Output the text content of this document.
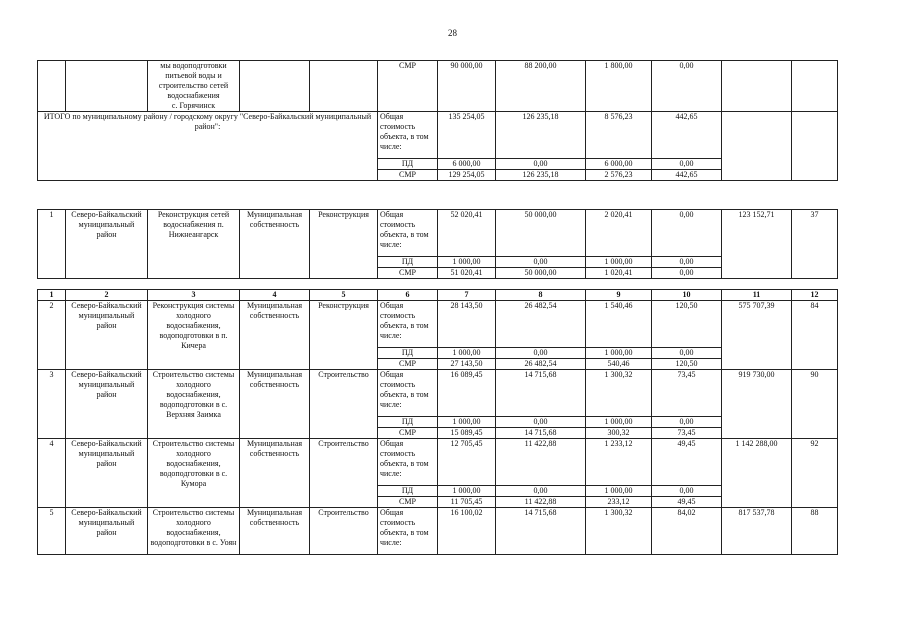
28

		мы водоподготовки
питьевой воды и
строительство сетей
водоснабжения
с. Горячинск			СМР	90 000,00	88 200,00	1 800,00	0,00		
ИТОГО по муниципальному району / городскому округу "Северо-Байкальский муниципальный район":					Общая стоимость объекта, в том числе:	135 254,05	126 235,18	8 576,23	442,65		
					ПД	6 000,00	0,00	6 000,00	0,00		
					СМР	129 254,05	126 235,18	2 576,23	442,65		

1	Северо-Байкальский муниципальный район	Реконструкция сетей водоснабжения п. Нижнеангарск	Муниципальная собственность	Реконструкция	Общая стоимость объекта, в том числе:	52 020,41	50 000,00	2 020,41	0,00	123 152,71	37
					ПД	1 000,00	0,00	1 000,00	0,00		
					СМР	51 020,41	50 000,00	1 020,41	0,00		

1	2	3	4	5	6	7	8	9	10	11	12
2	Северо-Байкальский муниципальный район	Реконструкция системы холодного водоснабжения, водоподготовки в п. Кичера	Муниципальная собственность	Реконструкция	Общая стоимость объекта, в том числе:	28 143,50	26 482,54	1 540,46	120,50	575 707,39	84
					ПД	1 000,00	0,00	1 000,00	0,00		
					СМР	27 143,50	26 482,54	540,46	120,50		
3	Северо-Байкальский муниципальный район	Строительство системы холодного водоснабжения, водоподготовки в с. Верхняя Заимка	Муниципальная собственность	Строительство	Общая стоимость объекта, в том числе:	16 089,45	14 715,68	1 300,32	73,45	919 730,00	90
					ПД	1 000,00	0,00	1 000,00	0,00		
					СМР	15 089,45	14 715,68	300,32	73,45		
4	Северо-Байкальский муниципальный район	Строительство системы холодного водоснабжения, водоподготовки в с. Кумора	Муниципальная собственность	Строительство	Общая стоимость объекта, в том числе:	12 705,45	11 422,88	1 233,12	49,45	1 142 288,00	92
					ПД	1 000,00	0,00	1 000,00	0,00		
					СМР	11 705,45	11 422,88	233,12	49,45		
5	Северо-Байкальский муниципальный район	Строительство системы холодного водоснабжения, водоподготовки в с. Уоян	Муниципальная собственность	Строительство	Общая стоимость объекта, в том числе:	16 100,02	14 715,68	1 300,32	84,02	817 537,78	88
